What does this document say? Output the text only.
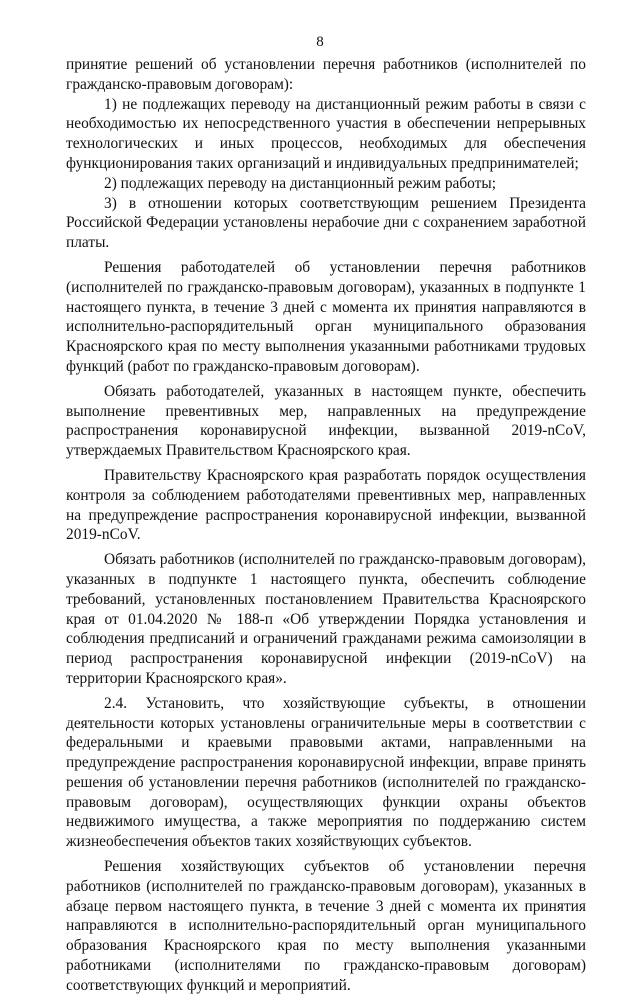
8

принятие решений об установлении перечня работников (исполнителей по гражданско-правовым договорам):

1) не подлежащих переводу на дистанционный режим работы в связи с необходимостью их непосредственного участия в обеспечении непрерывных технологических и иных процессов, необходимых для обеспечения функционирования таких организаций и индивидуальных предпринимателей;

2) подлежащих переводу на дистанционный режим работы;

3) в отношении которых соответствующим решением Президента Российской Федерации установлены нерабочие дни с сохранением заработной платы.

Решения работодателей об установлении перечня работников (исполнителей по гражданско-правовым договорам), указанных в подпункте 1 настоящего пункта, в течение 3 дней с момента их принятия направляются в исполнительно-распорядительный орган муниципального образования Красноярского края по месту выполнения указанными работниками трудовых функций (работ по гражданско-правовым договорам).

Обязать работодателей, указанных в настоящем пункте, обеспечить выполнение превентивных мер, направленных на предупреждение распространения коронавирусной инфекции, вызванной 2019-nCoV, утверждаемых Правительством Красноярского края.

Правительству Красноярского края разработать порядок осуществления контроля за соблюдением работодателями превентивных мер, направленных на предупреждение распространения коронавирусной инфекции, вызванной 2019-nCoV.

Обязать работников (исполнителей по гражданско-правовым договорам), указанных в подпункте 1 настоящего пункта, обеспечить соблюдение требований, установленных постановлением Правительства Красноярского края от 01.04.2020 № 188-п «Об утверждении Порядка установления и соблюдения предписаний и ограничений гражданами режима самоизоляции в период распространения коронавирусной инфекции (2019-nCoV) на территории Красноярского края».

2.4. Установить, что хозяйствующие субъекты, в отношении деятельности которых установлены ограничительные меры в соответствии с федеральными и краевыми правовыми актами, направленными на предупреждение распространения коронавирусной инфекции, вправе принять решения об установлении перечня работников (исполнителей по гражданско-правовым договорам), осуществляющих функции охраны объектов недвижимого имущества, а также мероприятия по поддержанию систем жизнеобеспечения объектов таких хозяйствующих субъектов.

Решения хозяйствующих субъектов об установлении перечня работников (исполнителей по гражданско-правовым договорам), указанных в абзаце первом настоящего пункта, в течение 3 дней с момента их принятия направляются в исполнительно-распорядительный орган муниципального образования Красноярского края по месту выполнения указанными работниками (исполнителями по гражданско-правовым договорам) соответствующих функций и мероприятий.
